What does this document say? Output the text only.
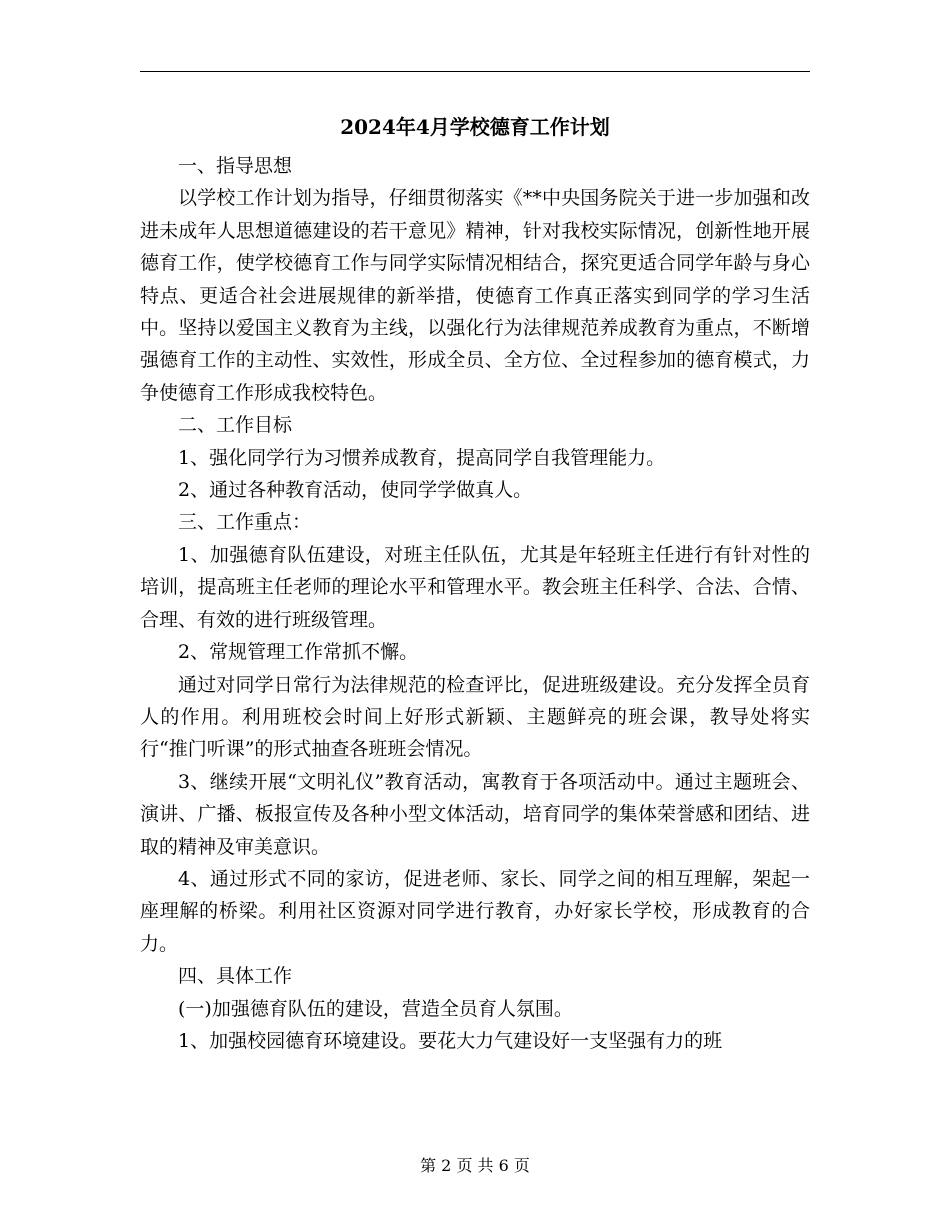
2024年4月学校德育工作计划

一、指导思想

以学校工作计划为指导，仔细贯彻落实《**中央国务院关于进一步加强和改进未成年人思想道德建设的若干意见》精神，针对我校实际情况，创新性地开展德育工作，使学校德育工作与同学实际情况相结合，探究更适合同学年龄与身心特点、更适合社会进展规律的新举措，使德育工作真正落实到同学的学习生活中。坚持以爱国主义教育为主线，以强化行为法律规范养成教育为重点，不断增强德育工作的主动性、实效性，形成全员、全方位、全过程参加的德育模式，力争使德育工作形成我校特色。

二、工作目标

1、强化同学行为习惯养成教育，提高同学自我管理能力。

2、通过各种教育活动，使同学学做真人。

三、工作重点：

1、加强德育队伍建设，对班主任队伍，尤其是年轻班主任进行有针对性的培训，提高班主任老师的理论水平和管理水平。教会班主任科学、合法、合情、合理、有效的进行班级管理。

2、常规管理工作常抓不懈。

通过对同学日常行为法律规范的检查评比，促进班级建设。充分发挥全员育人的作用。利用班校会时间上好形式新颖、主题鲜亮的班会课，教导处将实行“推门听课”的形式抽查各班班会情况。

3、继续开展“文明礼仪”教育活动，寓教育于各项活动中。通过主题班会、演讲、广播、板报宣传及各种小型文体活动，培育同学的集体荣誉感和团结、进取的精神及审美意识。

4、通过形式不同的家访，促进老师、家长、同学之间的相互理解，架起一座理解的桥梁。利用社区资源对同学进行教育，办好家长学校，形成教育的合力。

四、具体工作

(一)加强德育队伍的建设，营造全员育人氛围。

1、加强校园德育环境建设。要花大力气建设好一支坚强有力的班

第 2 页 共 6 页
